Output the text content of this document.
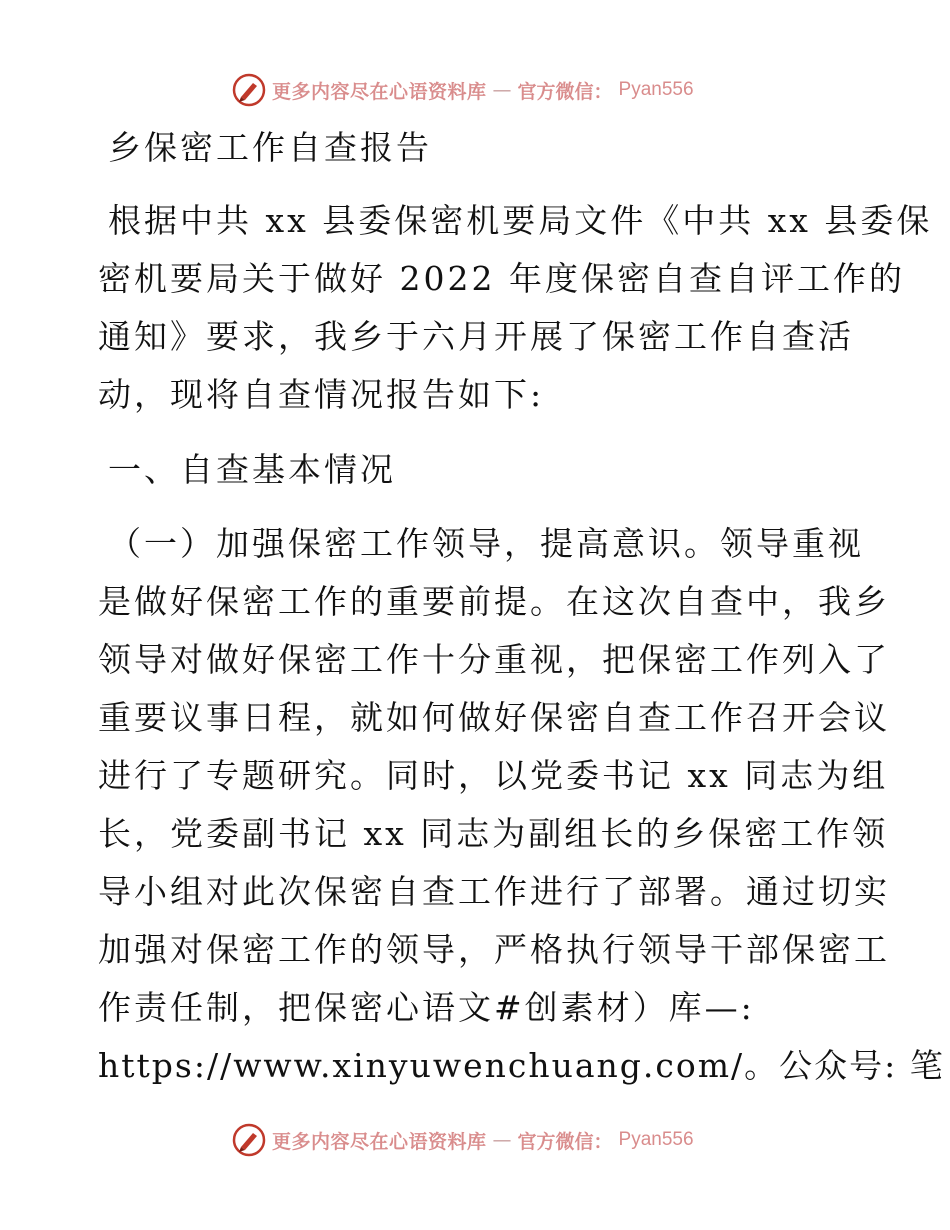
更多内容尽在心语资料库 — 官方微信： Pyan556
乡保密工作自查报告
根据中共 xx 县委保密机要局文件《中共 xx 县委保
密机要局关于做好 2022 年度保密自查自评工作的
通知》要求，我乡于六月开展了保密工作自查活
动，现将自查情况报告如下:
一、自查基本情况
（一）加强保密工作领导，提高意识。领导重视
是做好保密工作的重要前提。在这次自查中，我乡
领导对做好保密工作十分重视，把保密工作列入了
重要议事日程，就如何做好保密自查工作召开会议
进行了专题研究。同时，以党委书记 xx 同志为组
长，党委副书记 xx 同志为副组长的乡保密工作领
导小组对此次保密自查工作进行了部署。通过切实
加强对保密工作的领导，严格执行领导干部保密工
作责任制，把保密心语文#创素材）库—:
https://www.xinyuwenchuang.com/。公众号: 笔
更多内容尽在心语资料库 — 官方微信： Pyan556
